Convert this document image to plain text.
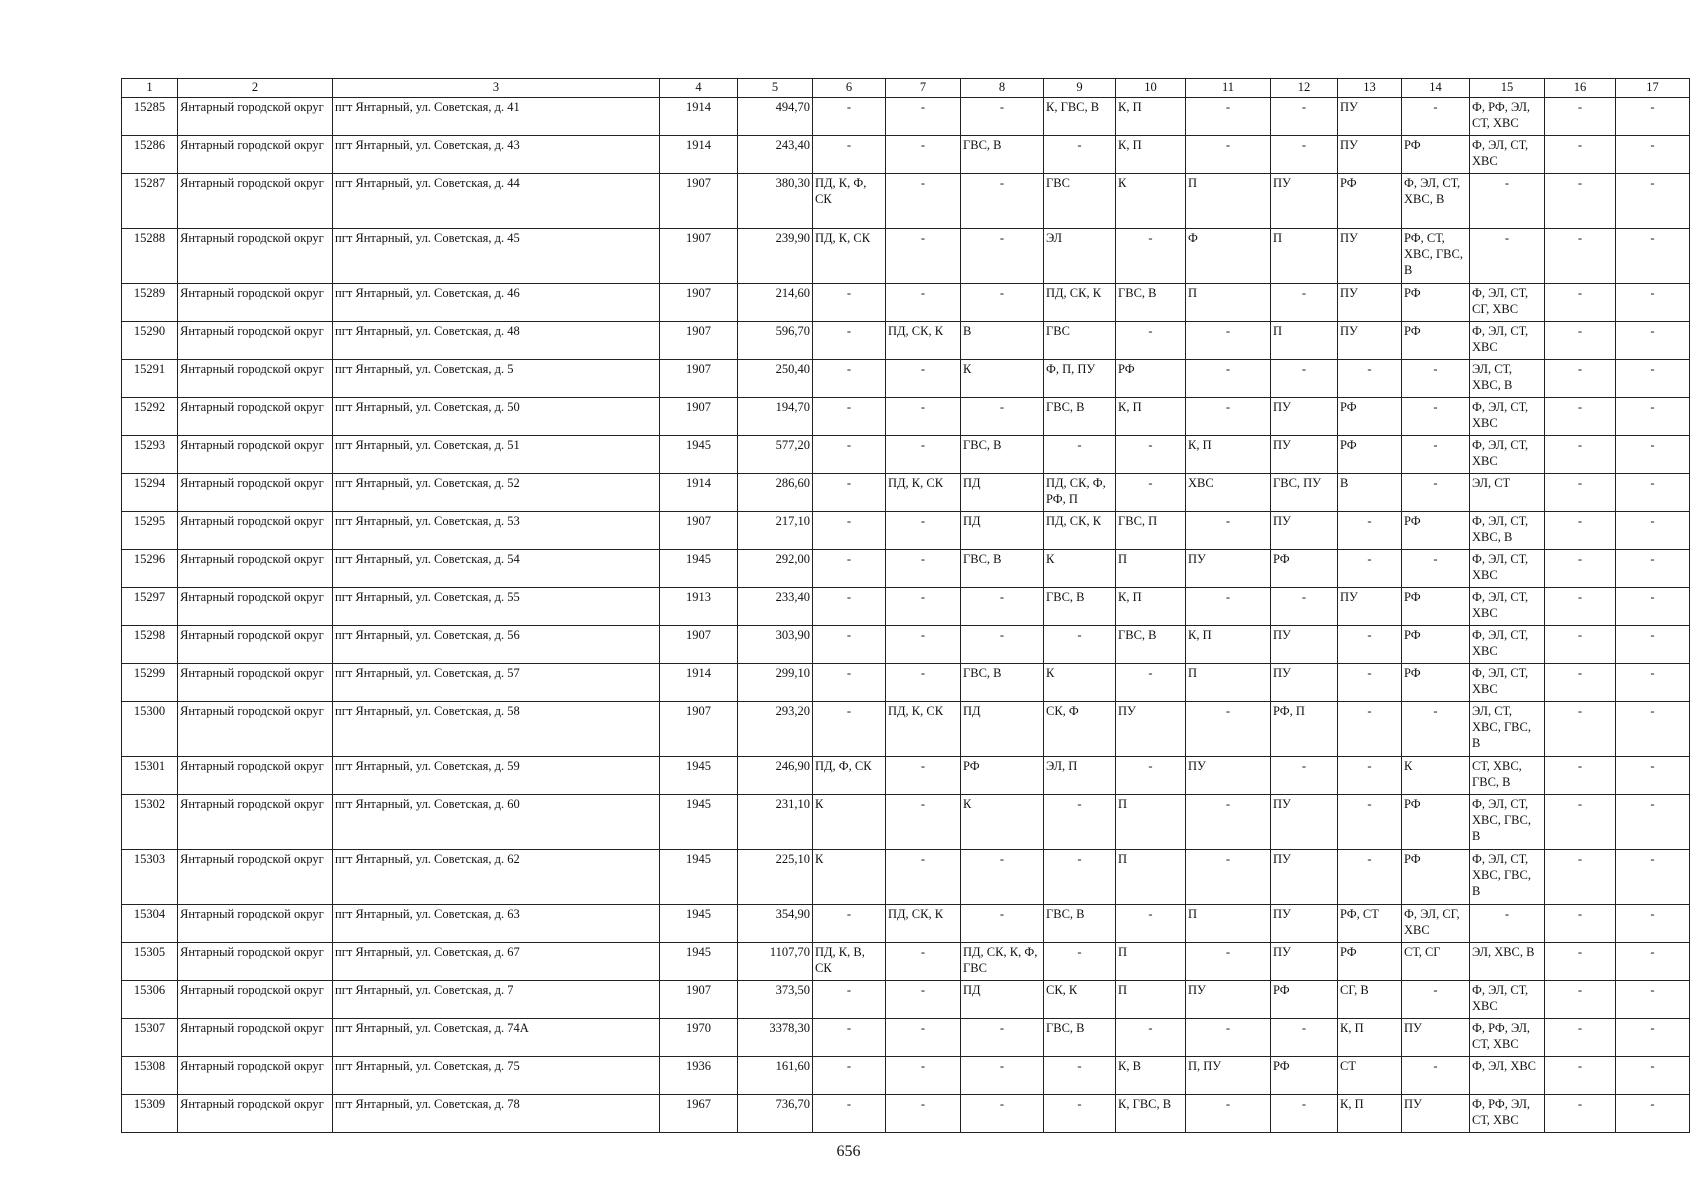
1	2	3	4	5	6	7	8	9	10	11	12	13	14	15	16	17
15285	Янтарный городской округ	пгт Янтарный, ул. Советская, д. 41	1914	494,70	-	-	-	К, ГВС, В	К, П	-	-	ПУ	-	Ф, РФ, ЭЛ, СТ, ХВС	-	-
15286	Янтарный городской округ	пгт Янтарный, ул. Советская, д. 43	1914	243,40	-	-	ГВС, В	-	К, П	-	-	ПУ	РФ	Ф, ЭЛ, СТ, ХВС	-	-
15287	Янтарный городской округ	пгт Янтарный, ул. Советская, д. 44	1907	380,30	ПД, К, Ф, СК	-	-	ГВС	К	П	ПУ	РФ	Ф, ЭЛ, СТ, ХВС, В	-	-	-
15288	Янтарный городской округ	пгт Янтарный, ул. Советская, д. 45	1907	239,90	ПД, К, СК	-	-	ЭЛ	-	Ф	П	ПУ	РФ, СТ, ХВС, ГВС, В	-	-	-
15289	Янтарный городской округ	пгт Янтарный, ул. Советская, д. 46	1907	214,60	-	-	-	ПД, СК, К	ГВС, В	П	-	ПУ	РФ	Ф, ЭЛ, СТ, СГ, ХВС	-	-
15290	Янтарный городской округ	пгт Янтарный, ул. Советская, д. 48	1907	596,70	-	ПД, СК, К	В	ГВС	-	-	П	ПУ	РФ	Ф, ЭЛ, СТ, ХВС	-	-
15291	Янтарный городской округ	пгт Янтарный, ул. Советская, д. 5	1907	250,40	-	-	К	Ф, П, ПУ	РФ	-	-	-	-	ЭЛ, СТ, ХВС, В	-	-
15292	Янтарный городской округ	пгт Янтарный, ул. Советская, д. 50	1907	194,70	-	-	-	ГВС, В	К, П	-	ПУ	РФ	-	Ф, ЭЛ, СТ, ХВС	-	-
15293	Янтарный городской округ	пгт Янтарный, ул. Советская, д. 51	1945	577,20	-	-	ГВС, В	-	-	К, П	ПУ	РФ	-	Ф, ЭЛ, СТ, ХВС	-	-
15294	Янтарный городской округ	пгт Янтарный, ул. Советская, д. 52	1914	286,60	-	ПД, К, СК	ПД	ПД, СК, Ф, РФ, П	-	ХВС	ГВС, ПУ	В	-	ЭЛ, СТ	-	-
15295	Янтарный городской округ	пгт Янтарный, ул. Советская, д. 53	1907	217,10	-	-	ПД	ПД, СК, К	ГВС, П	-	ПУ	-	РФ	Ф, ЭЛ, СТ, ХВС, В	-	-
15296	Янтарный городской округ	пгт Янтарный, ул. Советская, д. 54	1945	292,00	-	-	ГВС, В	К	П	ПУ	РФ	-	-	Ф, ЭЛ, СТ, ХВС	-	-
15297	Янтарный городской округ	пгт Янтарный, ул. Советская, д. 55	1913	233,40	-	-	-	ГВС, В	К, П	-	-	ПУ	РФ	Ф, ЭЛ, СТ, ХВС	-	-
15298	Янтарный городской округ	пгт Янтарный, ул. Советская, д. 56	1907	303,90	-	-	-	-	ГВС, В	К, П	ПУ	-	РФ	Ф, ЭЛ, СТ, ХВС	-	-
15299	Янтарный городской округ	пгт Янтарный, ул. Советская, д. 57	1914	299,10	-	-	ГВС, В	К	-	П	ПУ	-	РФ	Ф, ЭЛ, СТ, ХВС	-	-
15300	Янтарный городской округ	пгт Янтарный, ул. Советская, д. 58	1907	293,20	-	ПД, К, СК	ПД	СК, Ф	ПУ	-	РФ, П	-	-	ЭЛ, СТ, ХВС, ГВС, В	-	-
15301	Янтарный городской округ	пгт Янтарный, ул. Советская, д. 59	1945	246,90	ПД, Ф, СК	-	РФ	ЭЛ, П	-	ПУ	-	-	К	СТ, ХВС, ГВС, В	-	-
15302	Янтарный городской округ	пгт Янтарный, ул. Советская, д. 60	1945	231,10	К	-	К	-	П	-	ПУ	-	РФ	Ф, ЭЛ, СТ, ХВС, ГВС, В	-	-
15303	Янтарный городской округ	пгт Янтарный, ул. Советская, д. 62	1945	225,10	К	-	-	-	П	-	ПУ	-	РФ	Ф, ЭЛ, СТ, ХВС, ГВС, В	-	-
15304	Янтарный городской округ	пгт Янтарный, ул. Советская, д. 63	1945	354,90	-	ПД, СК, К	-	ГВС, В	-	П	ПУ	РФ, СТ	Ф, ЭЛ, СГ, ХВС	-	-	-
15305	Янтарный городской округ	пгт Янтарный, ул. Советская, д. 67	1945	1107,70	ПД, К, В, СК	-	ПД, СК, К, Ф, ГВС	-	П	-	ПУ	РФ	СТ, СГ	ЭЛ, ХВС, В	-	-
15306	Янтарный городской округ	пгт Янтарный, ул. Советская, д. 7	1907	373,50	-	-	ПД	СК, К	П	ПУ	РФ	СГ, В	-	Ф, ЭЛ, СТ, ХВС	-	-
15307	Янтарный городской округ	пгт Янтарный, ул. Советская, д. 74А	1970	3378,30	-	-	-	ГВС, В	-	-	-	К, П	ПУ	Ф, РФ, ЭЛ, СТ, ХВС	-	-
15308	Янтарный городской округ	пгт Янтарный, ул. Советская, д. 75	1936	161,60	-	-	-	-	К, В	П, ПУ	РФ	СТ	-	Ф, ЭЛ, ХВС	-	-
15309	Янтарный городской округ	пгт Янтарный, ул. Советская, д. 78	1967	736,70	-	-	-	-	К, ГВС, В	-	-	К, П	ПУ	Ф, РФ, ЭЛ, СТ, ХВС	-	-
656
